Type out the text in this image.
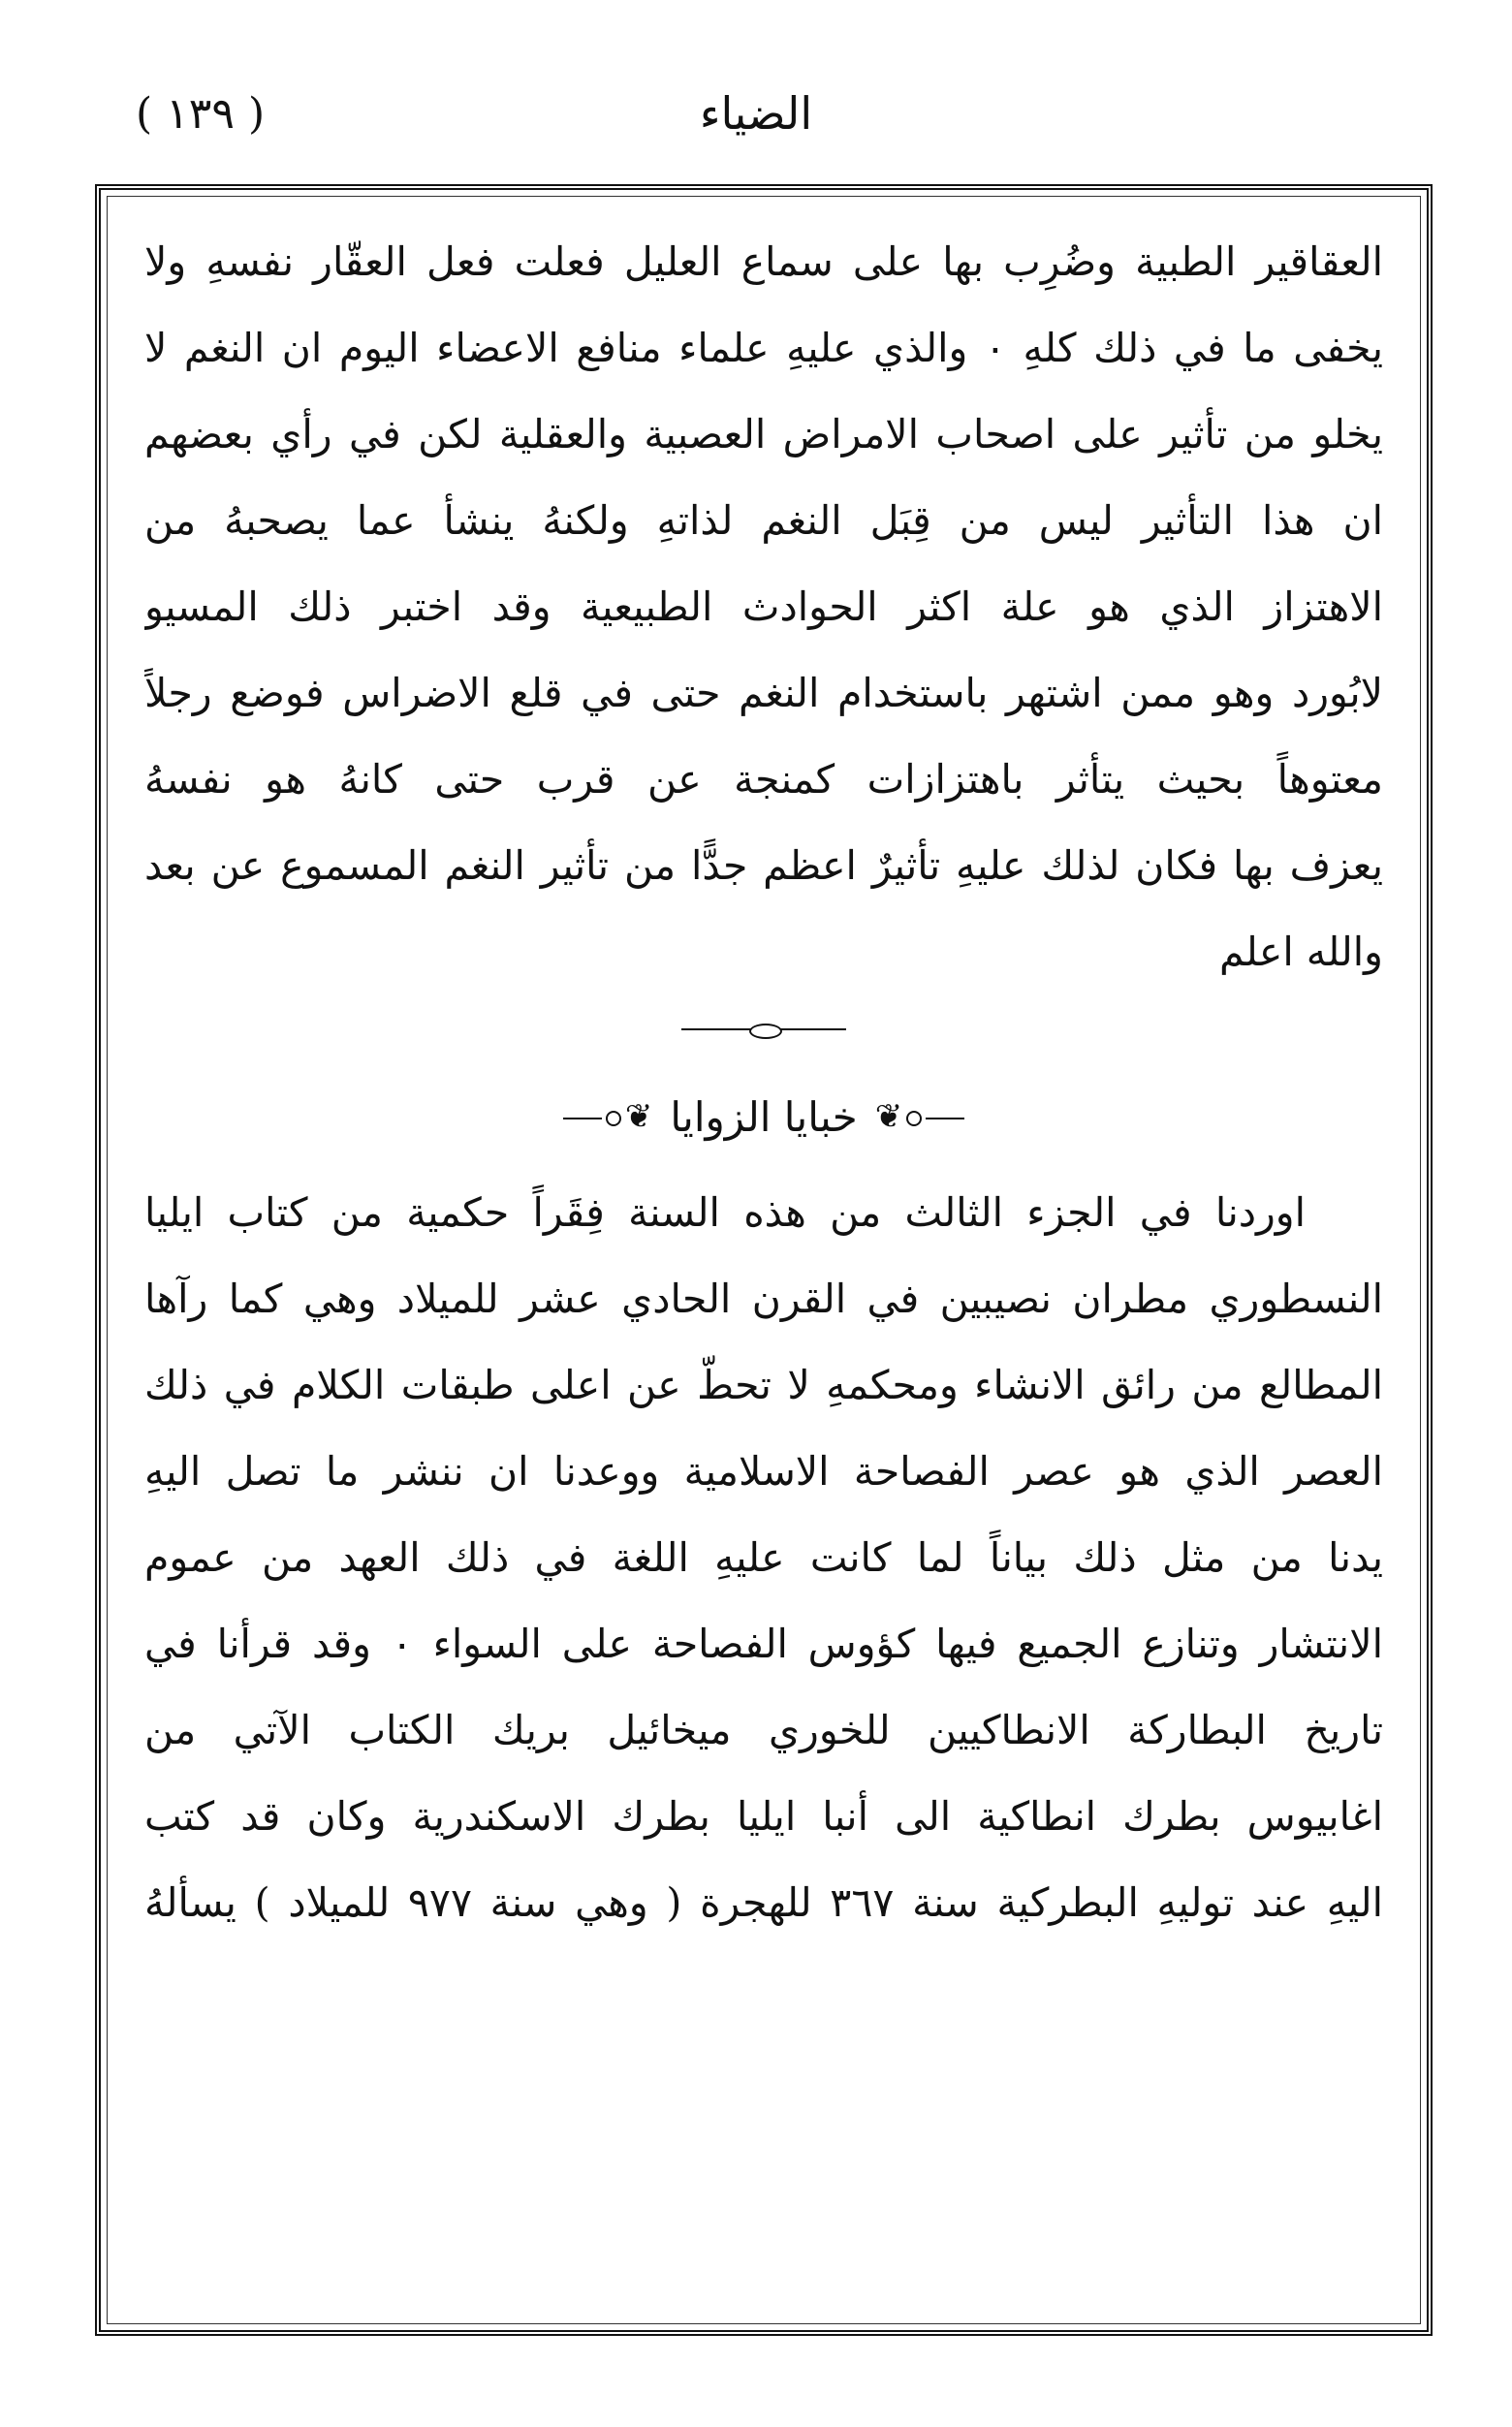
الضياء
( ١٣٩ )
العقاقير الطبية وضُرِب بها على سماع العليل فعلت فعل العقّار نفسهِ ولا
يخفى ما في ذلك كلهِ ٠ والذي عليهِ علماء منافع الاعضاء اليوم ان النغم لا
يخلو من تأثير على اصحاب الامراض العصبية والعقلية لكن في رأي بعضهم
ان هذا التأثير ليس من قِبَل النغم لذاتهِ ولكنهُ ينشأ عما يصحبهُ من
الاهتزاز الذي هو علة اكثر الحوادث الطبيعية وقد اختبر ذلك المسيو
لابُورد وهو ممن اشتهر باستخدام النغم حتى في قلع الاضراس فوضع رجلاً
معتوهاً بحيث يتأثر باهتزازات كمنجة عن قرب حتى كانهُ هو نفسهُ
يعزف بها فكان لذلك عليهِ تأثيرٌ اعظم جدًّا من تأثير النغم المسموع عن بعد
والله اعلم
❦
خبايا الزوايا
❦
اوردنا في الجزء الثالث من هذه السنة فِقَراً حكمية من كتاب ايليا
النسطوري مطران نصيبين في القرن الحادي عشر للميلاد وهي كما رآها
المطالع من رائق الانشاء ومحكمهِ لا تحطّ عن اعلى طبقات الكلام في ذلك
العصر الذي هو عصر الفصاحة الاسلامية ووعدنا ان ننشر ما تصل اليهِ
يدنا من مثل ذلك بياناً لما كانت عليهِ اللغة في ذلك العهد من عموم
الانتشار وتنازع الجميع فيها كؤوس الفصاحة على السواء ٠ وقد قرأنا في
تاريخ البطاركة الانطاكيين للخوري ميخائيل بريك الكتاب الآتي من
اغابيوس بطرك انطاكية الى أنبا ايليا بطرك الاسكندرية وكان قد كتب
اليهِ عند توليهِ البطركية سنة ٣٦٧ للهجرة ( وهي سنة ٩٧٧ للميلاد ) يسألهُ
